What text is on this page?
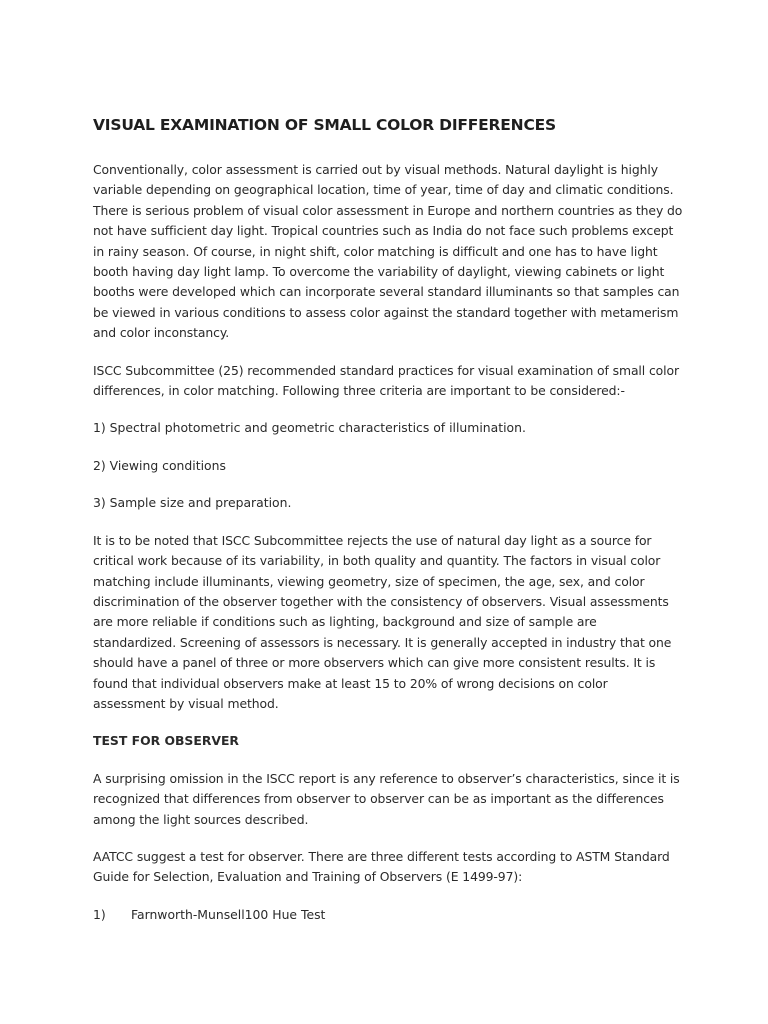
VISUAL EXAMINATION OF SMALL COLOR DIFFERENCES

Conventionally, color assessment is carried out by visual methods. Natural daylight is highly variable depending on geographical location, time of year, time of day and climatic conditions. There is serious problem of visual color assessment in Europe and northern countries as they do not have sufficient day light. Tropical countries such as India do not face such problems except in rainy season. Of course, in night shift, color matching is difficult and one has to have light booth having day light lamp. To overcome the variability of daylight, viewing cabinets or light booths were developed which can incorporate several standard illuminants so that samples can be viewed in various conditions to assess color against the standard together with metamerism and color inconstancy.

ISCC Subcommittee (25) recommended standard practices for visual examination of small color differences, in color matching. Following three criteria are important to be considered:-

1) Spectral photometric and geometric characteristics of illumination.
2) Viewing conditions
3) Sample size and preparation.

It is to be noted that ISCC Subcommittee rejects the use of natural day light as a source for critical work because of its variability, in both quality and quantity. The factors in visual color matching include illuminants, viewing geometry, size of specimen, the age, sex, and color discrimination of the observer together with the consistency of observers. Visual assessments are more reliable if conditions such as lighting, background and size of sample are standardized. Screening of assessors is necessary. It is generally accepted in industry that one should have a panel of three or more observers which can give more consistent results. It is found that individual observers make at least 15 to 20% of wrong decisions on color assessment by visual method.

TEST FOR OBSERVER

A surprising omission in the ISCC report is any reference to observer’s characteristics, since it is recognized that differences from observer to observer can be as important as the differences among the light sources described.

AATCC suggest a test for observer. There are three different tests according to ASTM Standard Guide for Selection, Evaluation and Training of Observers (E 1499-97):

1)	Farnworth-Munsell100 Hue Test
